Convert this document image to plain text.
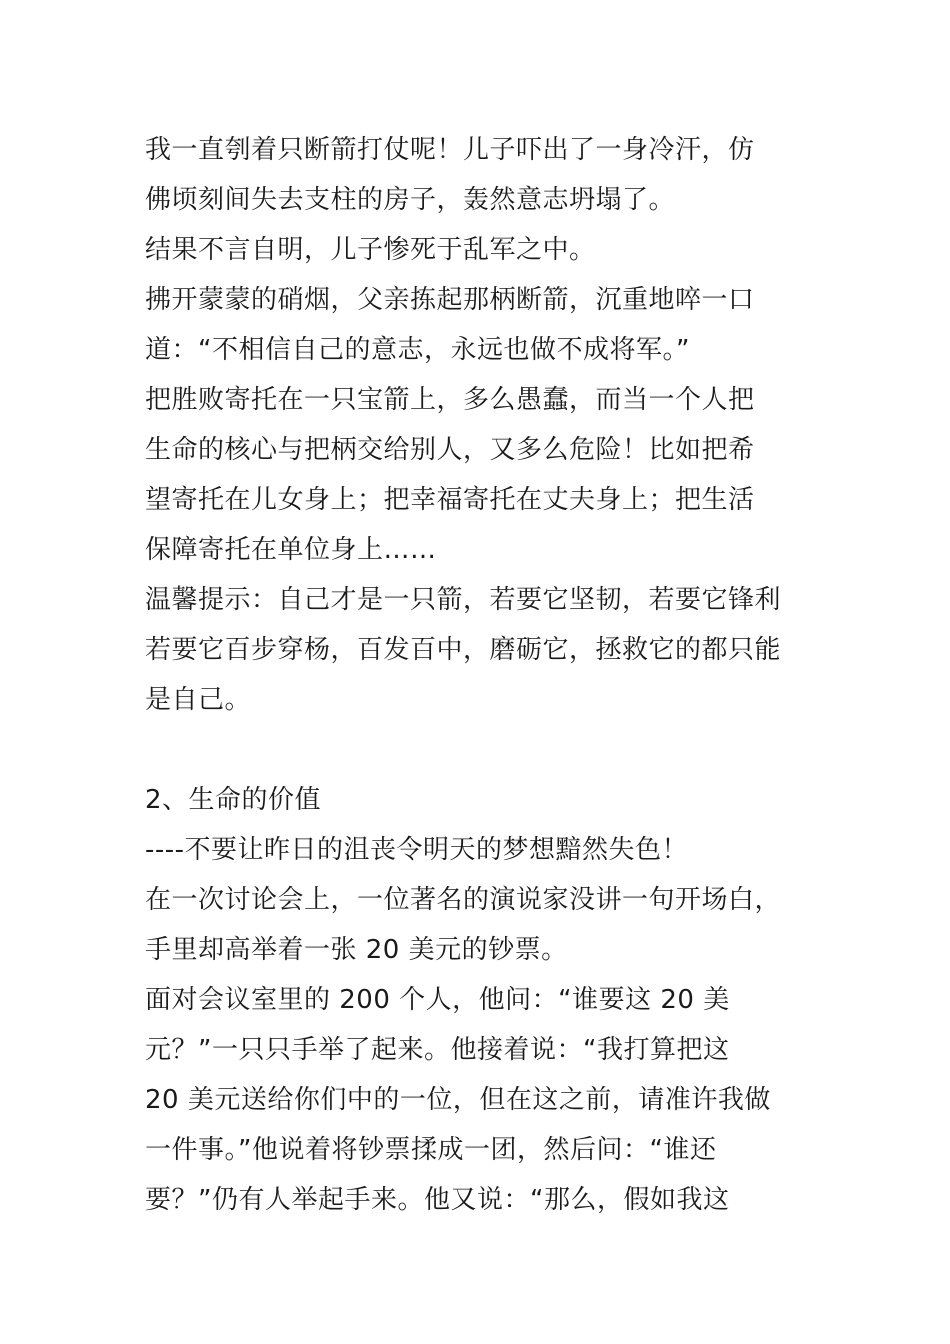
我一直刳着只断箭打仗呢！儿子吓出了一身冷汗，仿
佛顷刻间失去支柱的房子，轰然意志坍塌了。
结果不言自明，儿子惨死于乱军之中。
拂开蒙蒙的硝烟，父亲拣起那柄断箭，沉重地啐一口
道：“不相信自己的意志，永远也做不成将军。”
把胜败寄托在一只宝箭上，多么愚蠢，而当一个人把
生命的核心与把柄交给别人，又多么危险！比如把希
望寄托在儿女身上；把幸福寄托在丈夫身上；把生活
保障寄托在单位身上……
温馨提示：自己才是一只箭，若要它坚韧，若要它锋利
若要它百步穿杨，百发百中，磨砺它，拯救它的都只能
是自己。
2、生命的价值
----不要让昨日的沮丧令明天的梦想黯然失色！
在一次讨论会上，一位著名的演说家没讲一句开场白，
手里却高举着一张 20 美元的钞票。
面对会议室里的 200 个人，他问：“谁要这 20 美
元？”一只只手举了起来。他接着说：“我打算把这
20 美元送给你们中的一位，但在这之前，请准许我做
一件事。”他说着将钞票揉成一团，然后问：“谁还
要？”仍有人举起手来。他又说：“那么，假如我这
